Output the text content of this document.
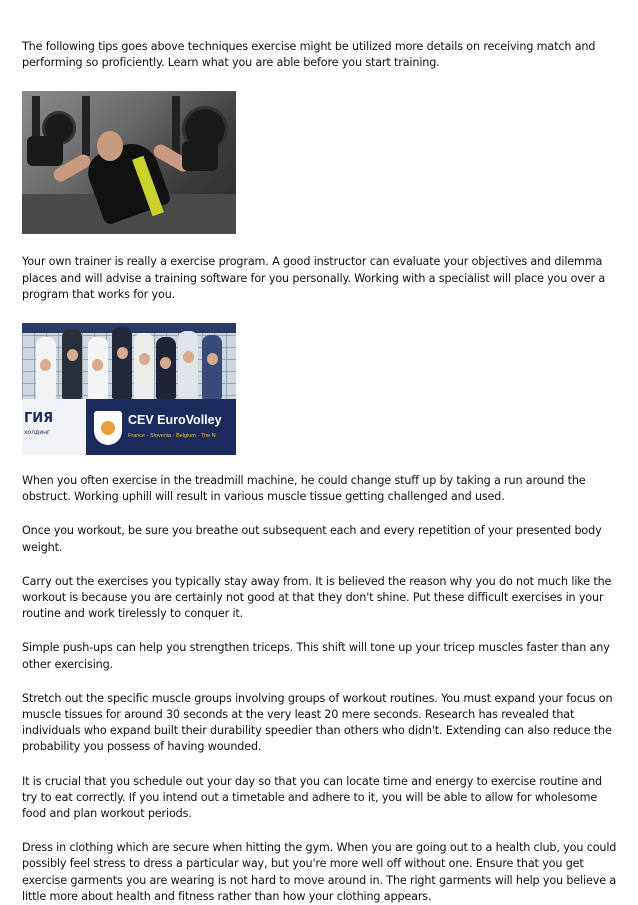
The following tips goes above techniques exercise might be utilized more details on receiving match and performing so proficiently. Learn what you are able before you start training.

Your own trainer is really a exercise program. A good instructor can evaluate your objectives and dilemma places and will advise a training software for you personally. Working with a specialist will place you over a program that works for you.

ГИЯ
холдинг
CEV EuroVolley
France · Slovenia · Belgium · The N

When you often exercise in the treadmill machine, he could change stuff up by taking a run around the obstruct. Working uphill will result in various muscle tissue getting challenged and used.

Once you workout, be sure you breathe out subsequent each and every repetition of your presented body weight.

Carry out the exercises you typically stay away from. It is believed the reason why you do not much like the workout is because you are certainly not good at that they don't shine. Put these difficult exercises in your routine and work tirelessly to conquer it.

Simple push-ups can help you strengthen triceps. This shift will tone up your tricep muscles faster than any other exercising.

Stretch out the specific muscle groups involving groups of workout routines. You must expand your focus on muscle tissues for around 30 seconds at the very least 20 mere seconds. Research has revealed that individuals who expand built their durability speedier than others who didn't. Extending can also reduce the probability you possess of having wounded.

It is crucial that you schedule out your day so that you can locate time and energy to exercise routine and try to eat correctly. If you intend out a timetable and adhere to it, you will be able to allow for wholesome food and plan workout periods.

Dress in clothing which are secure when hitting the gym. When you are going out to a health club, you could possibly feel stress to dress a particular way, but you're more well off without one. Ensure that you get exercise garments you are wearing is not hard to move around in. The right garments will help you believe a little more about health and fitness rather than how your clothing appears.
